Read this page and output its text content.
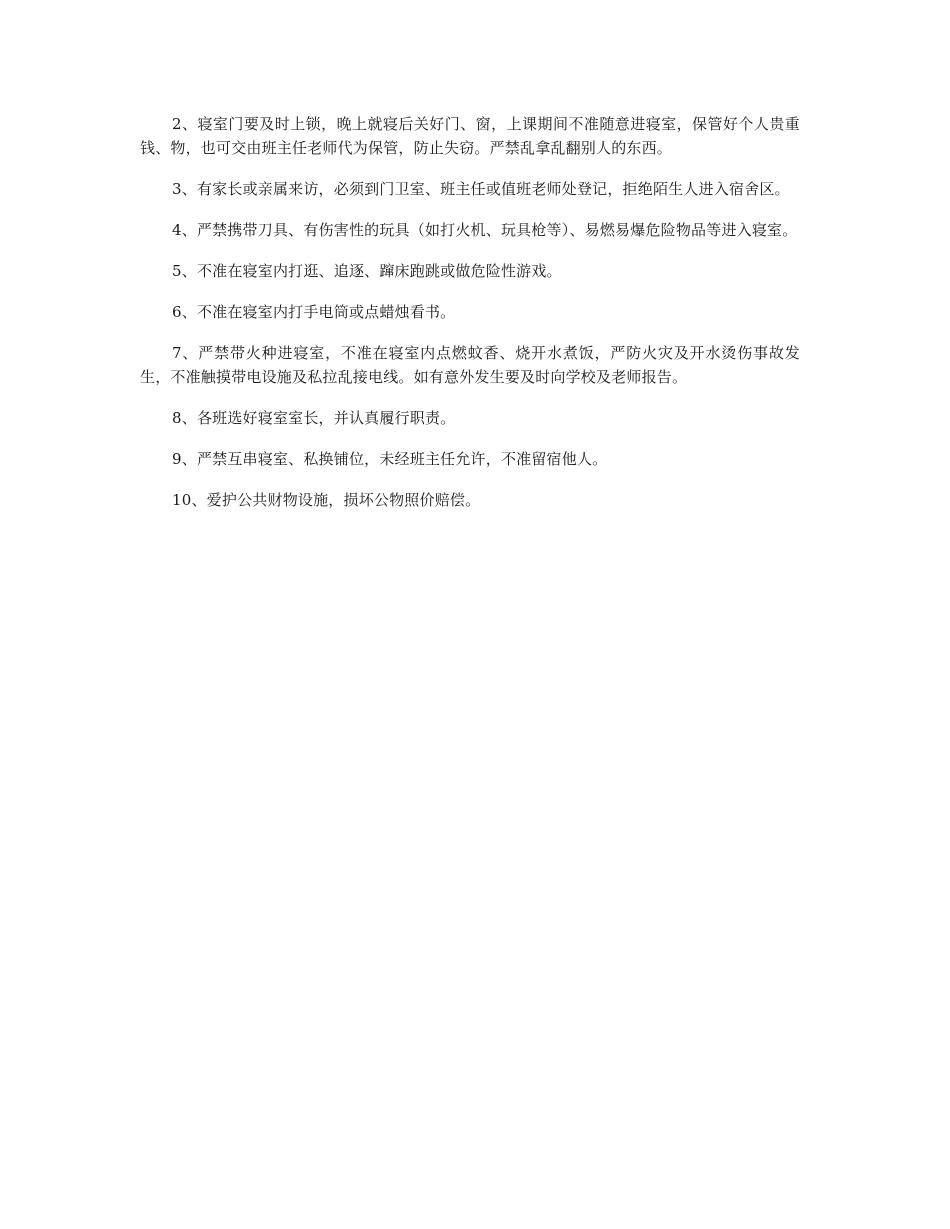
2、寝室门要及时上锁，晚上就寝后关好门、窗，上课期间不准随意进寝室，保管好个人贵重钱、物，也可交由班主任老师代为保管，防止失窃。严禁乱拿乱翻别人的东西。

3、有家长或亲属来访，必须到门卫室、班主任或值班老师处登记，拒绝陌生人进入宿舍区。

4、严禁携带刀具、有伤害性的玩具（如打火机、玩具枪等）、易燃易爆危险物品等进入寝室。

5、不准在寝室内打逛、追逐、蹿床跑跳或做危险性游戏。

6、不准在寝室内打手电筒或点蜡烛看书。

7、严禁带火种进寝室，不准在寝室内点燃蚊香、烧开水煮饭，严防火灾及开水烫伤事故发生，不准触摸带电设施及私拉乱接电线。如有意外发生要及时向学校及老师报告。

8、各班选好寝室室长，并认真履行职责。

9、严禁互串寝室、私换铺位，未经班主任允许，不准留宿他人。

10、爱护公共财物设施，损坏公物照价赔偿。
